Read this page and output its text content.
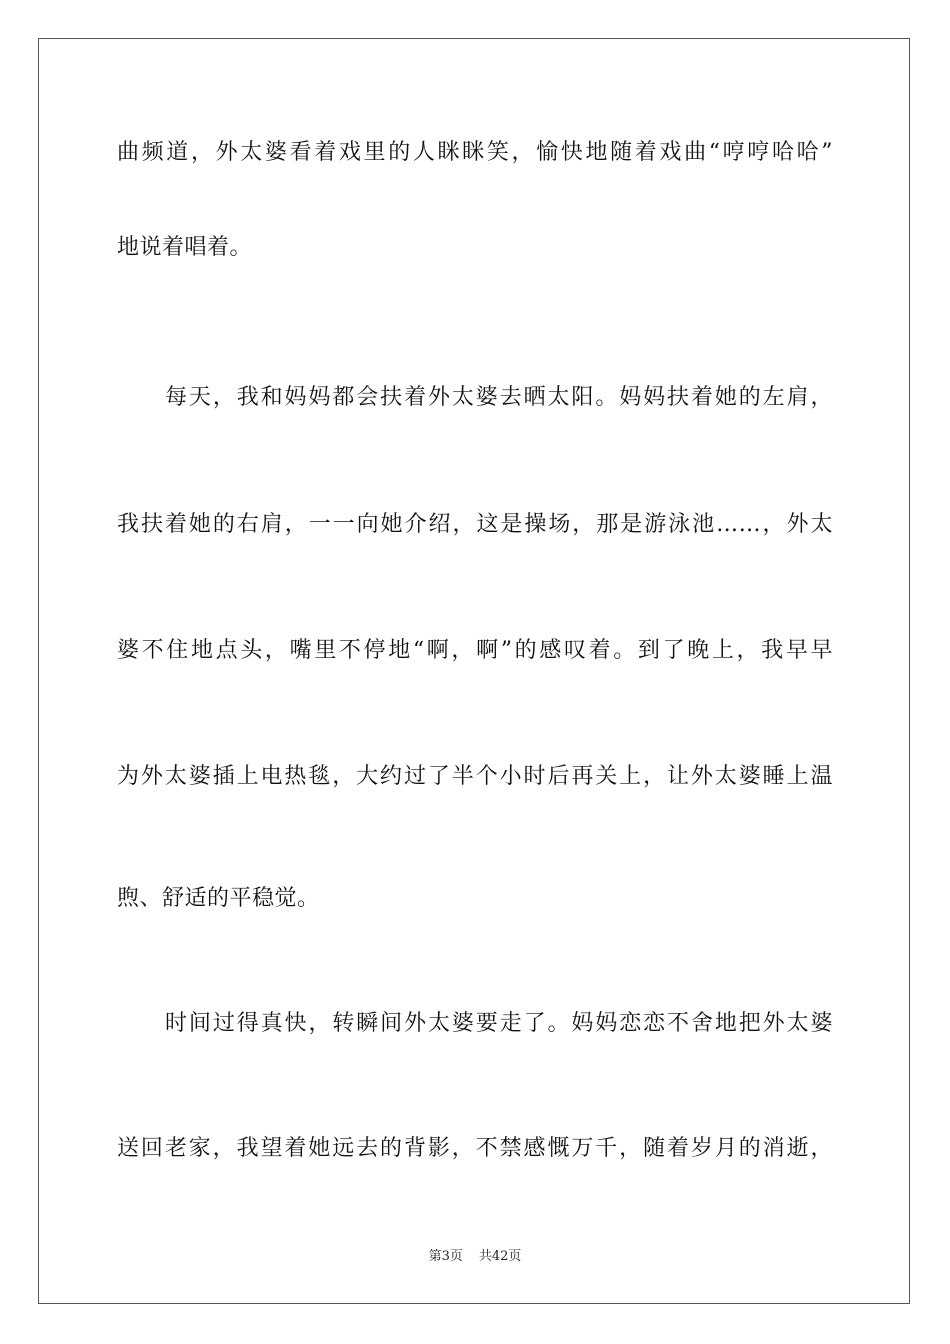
曲频道，外太婆看着戏里的人眯眯笑，愉快地随着戏曲“哼哼哈哈”
地说着唱着。
每天，我和妈妈都会扶着外太婆去晒太阳。妈妈扶着她的左肩，
我扶着她的右肩，一一向她介绍，这是操场，那是游泳池……，外太
婆不住地点头，嘴里不停地“啊，啊”的感叹着。到了晚上，我早早
为外太婆插上电热毯，大约过了半个小时后再关上，让外太婆睡上温
煦、舒适的平稳觉。
时间过得真快，转瞬间外太婆要走了。妈妈恋恋不舍地把外太婆
送回老家，我望着她远去的背影，不禁感慨万千，随着岁月的消逝，
第3页 共42页
